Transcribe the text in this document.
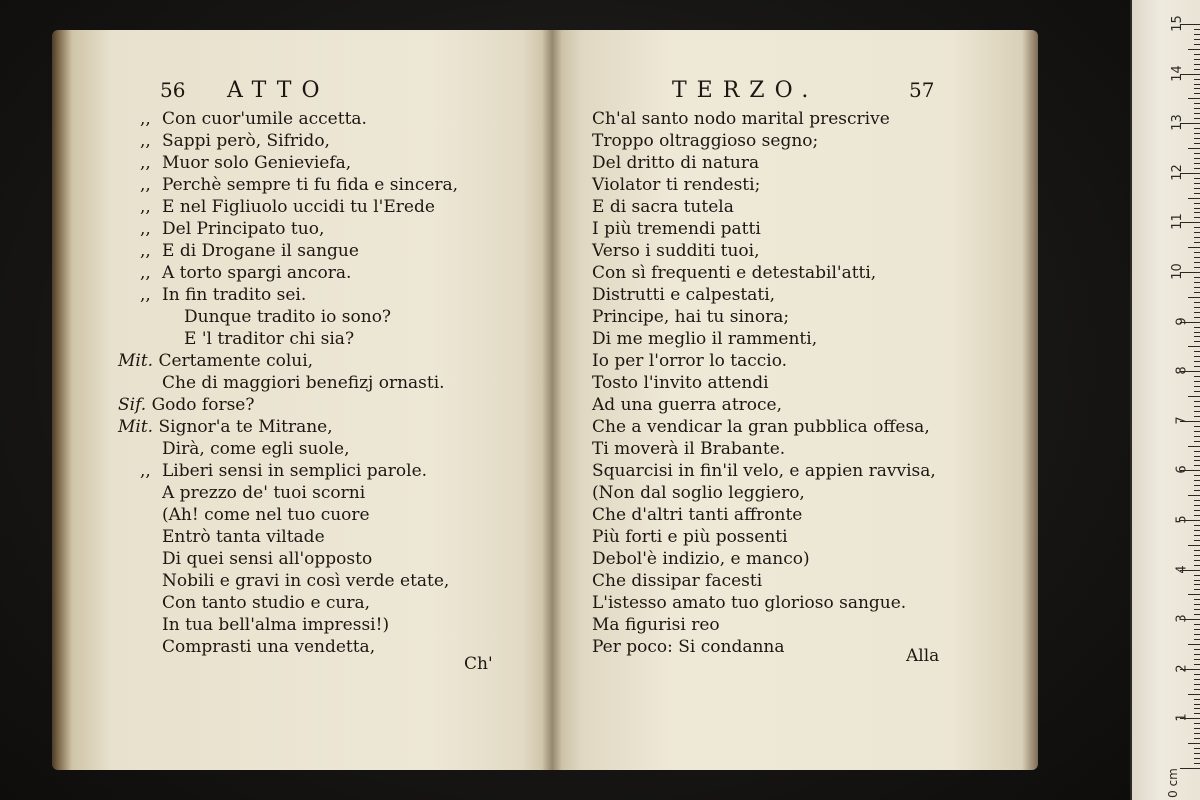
56 ATTO
,, Con cuor'umile accetta.
,, Sappi però, Sifrido,
,, Muor solo Genieviefa,
,, Perchè sempre ti fu fida e sincera,
,, E nel Figliuolo uccidi tu l'Erede
,, Del Principato tuo,
,, E di Drogane il sangue
,, A torto spargi ancora.
,, In fin tradito sei.
Dunque tradito io sono?
E 'l traditor chi sia?
Mit. Certamente colui,
Che di maggiori benefizj ornasti.
Sif. Godo forse?
Mit. Signor'a te Mitrane,
Dirà, come egli suole,
,, Liberi sensi in semplici parole.
A prezzo de' tuoi scorni
(Ah! come nel tuo cuore
Entrò tanta viltade
Di quei sensi all'opposto
Nobili e gravi in così verde etate,
Con tanto studio e cura,
In tua bell'alma impressi!)
Comprasti una vendetta,
Ch'
TERZO.	57
Ch'al santo nodo marital prescrive
Troppo oltraggioso segno;
Del dritto di natura
Violator ti rendesti;
E di sacra tutela
I più tremendi patti
Verso i sudditi tuoi,
Con sì frequenti e detestabil'atti,
Distrutti e calpestati,
Principe, hai tu sinora;
Di me meglio il rammenti,
Io per l'orror lo taccio.
Tosto l'invito attendi
Ad una guerra atroce,
Che a vendicar la gran pubblica offesa,
Ti moverà il Brabante.
Squarcisi in fin'il velo, e appien ravvisa,
(Non dal soglio leggiero,
Che d'altri tanti affronte
Più forti e più possenti
Debol'è indizio, e manco)
Che dissipar facesti
L'istesso amato tuo glorioso sangue.
Ma figurisi reo
Per poco: Si condanna	Alla
0 cm
1
2
3
4
5
6
7
8
9
10
11
12
13
14
15
